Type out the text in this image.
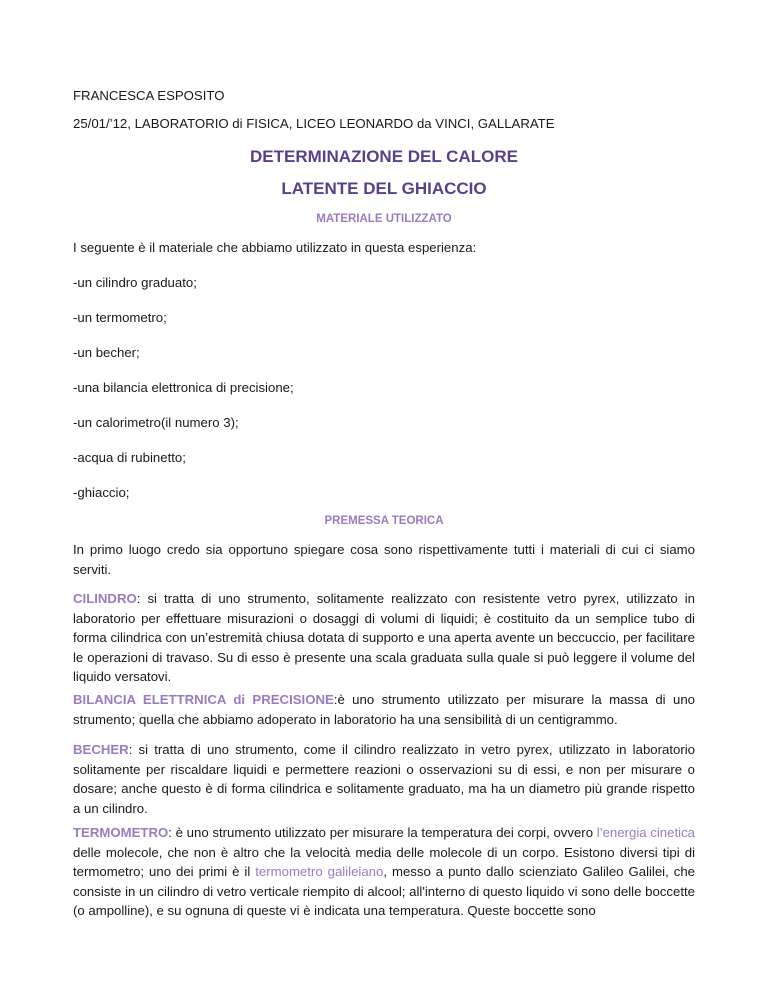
FRANCESCA ESPOSITO
25/01/’12, LABORATORIO di FISICA, LICEO LEONARDO da VINCI, GALLARATE
DETERMINAZIONE DEL CALORE
LATENTE DEL GHIACCIO
MATERIALE UTILIZZATO
I seguente è il materiale che abbiamo utilizzato in questa esperienza:
-un cilindro graduato;
-un termometro;
-un becher;
-una bilancia elettronica di precisione;
-un calorimetro(il numero 3);
-acqua di rubinetto;
-ghiaccio;
PREMESSA TEORICA
In primo luogo credo sia opportuno spiegare cosa sono rispettivamente tutti i materiali di cui ci siamo serviti.
CILINDRO: si tratta di uno strumento, solitamente realizzato con resistente vetro pyrex, utilizzato in laboratorio per effettuare misurazioni o dosaggi di volumi di liquidi; è costituito da un semplice tubo di forma cilindrica con un’estremità chiusa dotata di supporto e una aperta avente un beccuccio, per facilitare le operazioni di travaso. Su di esso è presente una scala graduata sulla quale si può leggere il volume del liquido versatovi.
BILANCIA ELETTRNICA di PRECISIONE:è uno strumento utilizzato per misurare la massa di uno strumento; quella che abbiamo adoperato in laboratorio ha una sensibilità di un centigrammo.
BECHER: si tratta di uno strumento, come il cilindro realizzato in vetro pyrex, utilizzato in laboratorio solitamente per riscaldare liquidi e permettere reazioni o osservazioni su di essi, e non per misurare o dosare; anche questo è di forma cilindrica e solitamente graduato, ma ha un diametro più grande rispetto a un cilindro.
TERMOMETRO: è uno strumento utilizzato per misurare la temperatura dei corpi, ovvero l’energia cinetica delle molecole, che non è altro che la velocità media delle molecole di un corpo. Esistono diversi tipi di termometro; uno dei primi è il termometro galileiano, messo a punto dallo scienziato Galileo Galilei, che consiste in un cilindro di vetro verticale riempito di alcool; all'interno di questo liquido vi sono delle boccette (o ampolline), e su ognuna di queste vi è indicata una temperatura. Queste boccette sono
